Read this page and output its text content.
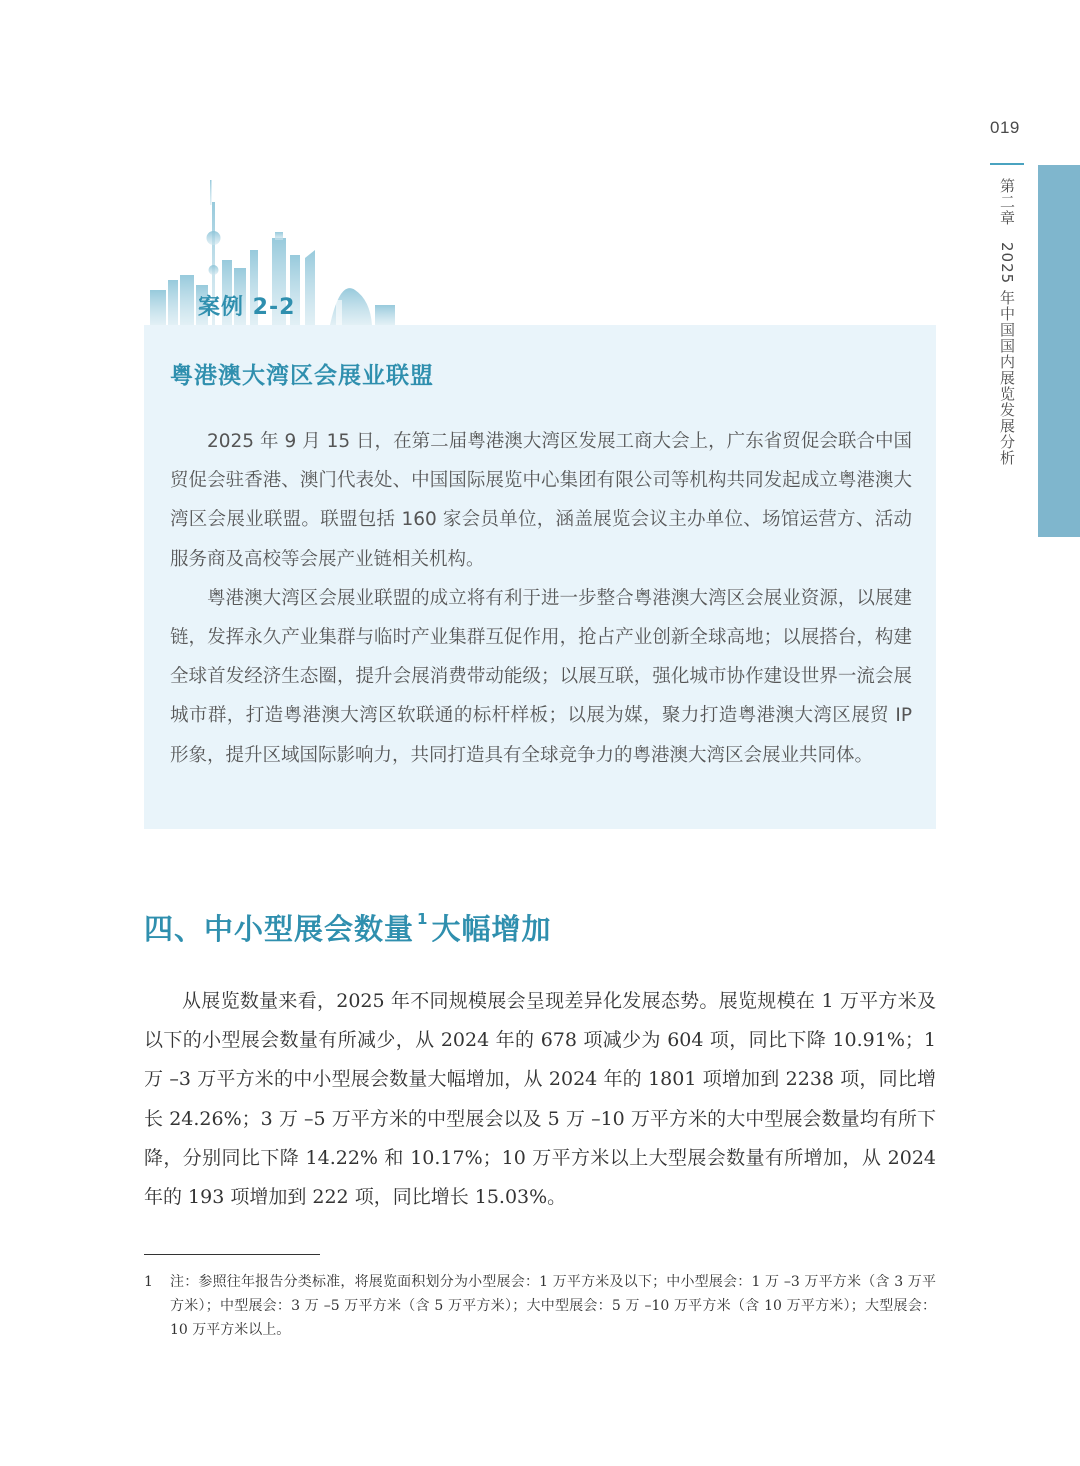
019
第二章　2025 年中国国内展览发展分析
案例 2-2
粤港澳大湾区会展业联盟

2025 年 9 月 15 日，在第二届粤港澳大湾区发展工商大会上，广东省贸促会联合中国贸促会驻香港、澳门代表处、中国国际展览中心集团有限公司等机构共同发起成立粤港澳大湾区会展业联盟。联盟包括 160 家会员单位，涵盖展览会议主办单位、场馆运营方、活动服务商及高校等会展产业链相关机构。

粤港澳大湾区会展业联盟的成立将有利于进一步整合粤港澳大湾区会展业资源，以展建链，发挥永久产业集群与临时产业集群互促作用，抢占产业创新全球高地；以展搭台，构建全球首发经济生态圈，提升会展消费带动能级；以展互联，强化城市协作建设世界一流会展城市群，打造粤港澳大湾区软联通的标杆样板；以展为媒，聚力打造粤港澳大湾区展贸 IP 形象，提升区域国际影响力，共同打造具有全球竞争力的粤港澳大湾区会展业共同体。

四、中小型展会数量 $^1$ 大幅增加

从展览数量来看，2025 年不同规模展会呈现差异化发展态势。展览规模在 1 万平方米及以下的小型展会数量有所减少，从 2024 年的 678 项减少为 604 项，同比下降 10.91%；1 万 –3 万平方米的中小型展会数量大幅增加，从 2024 年的 1801 项增加到 2238 项，同比增长 24.26%；3 万 –5 万平方米的中型展会以及 5 万 –10 万平方米的大中型展会数量均有所下降，分别同比下降 14.22% 和 10.17%；10 万平方米以上大型展会数量有所增加，从 2024 年的 193 项增加到 222 项，同比增长 15.03%。

1 注：参照往年报告分类标准，将展览面积划分为小型展会：1 万平方米及以下；中小型展会：1 万 –3 万平方米（含 3 万平方米）；中型展会：3 万 –5 万平方米（含 5 万平方米）；大中型展会：5 万 –10 万平方米（含 10 万平方米）；大型展会：10 万平方米以上。
